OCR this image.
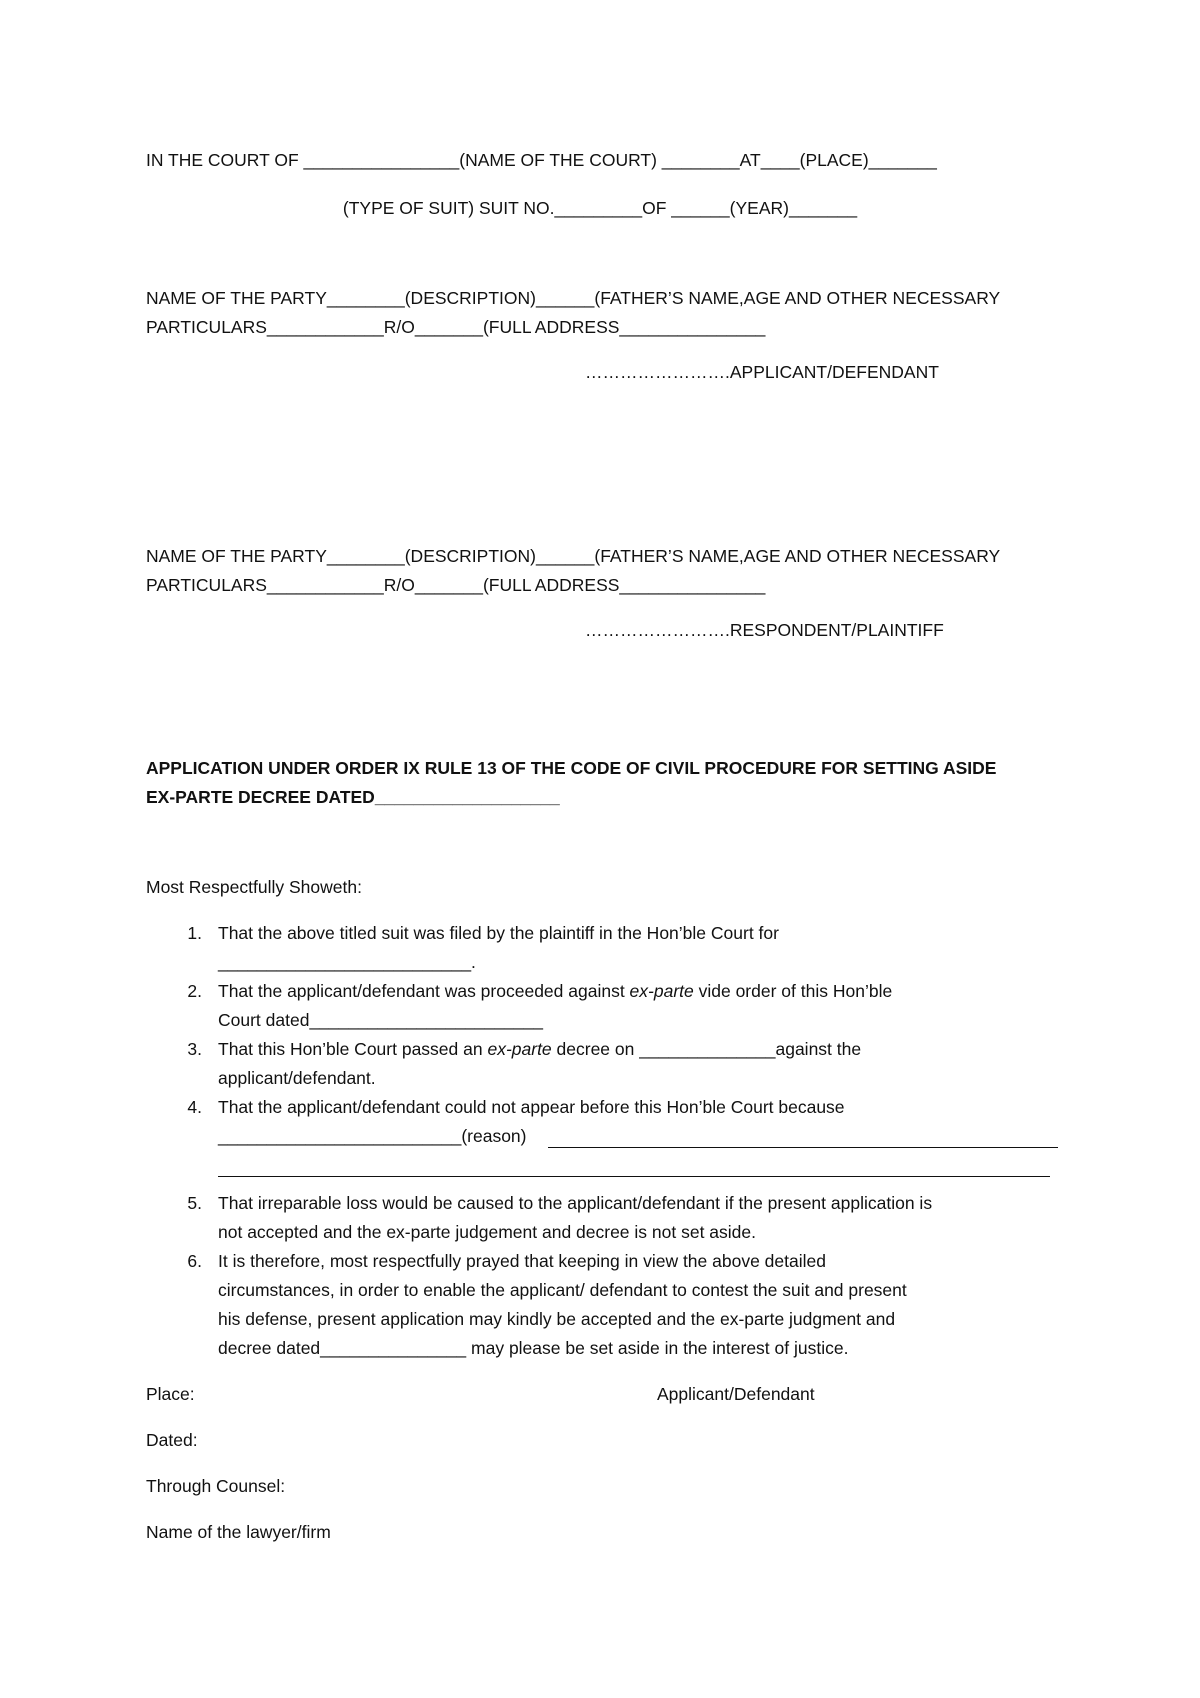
IN THE COURT OF ________________(NAME OF THE COURT) ________AT____(PLACE)_______
(TYPE OF SUIT) SUIT NO._________OF ______(YEAR)_______
NAME OF THE PARTY________(DESCRIPTION)______(FATHER’S NAME,AGE AND OTHER NECESSARY
PARTICULARS____________R/O_______(FULL ADDRESS_______________
…………………….APPLICANT/DEFENDANT
NAME OF THE PARTY________(DESCRIPTION)______(FATHER’S NAME,AGE AND OTHER NECESSARY
PARTICULARS____________R/O_______(FULL ADDRESS_______________
…………………….RESPONDENT/PLAINTIFF
APPLICATION UNDER ORDER IX RULE 13 OF THE CODE OF CIVIL PROCEDURE FOR SETTING ASIDE
EX-PARTE DECREE DATED___________________
Most Respectfully Showeth:
1. That the above titled suit was filed by the plaintiff in the Hon’ble Court for
__________________________.
2. That the applicant/defendant was proceeded against ex-parte vide order of this Hon’ble
Court dated________________________
3. That this Hon’ble Court passed an ex-parte decree on ______________against the
applicant/defendant.
4. That the applicant/defendant could not appear before this Hon’ble Court because
_________________________(reason)
5. That irreparable loss would be caused to the applicant/defendant if the present application is
not accepted and the ex-parte judgement and decree is not set aside.
6. It is therefore, most respectfully prayed that keeping in view the above detailed
circumstances, in order to enable the applicant/ defendant to contest the suit and present
his defense, present application may kindly be accepted and the ex-parte judgment and
decree dated_______________ may please be set aside in the interest of justice.
Place:	Applicant/Defendant
Dated:
Through Counsel:
Name of the lawyer/firm
